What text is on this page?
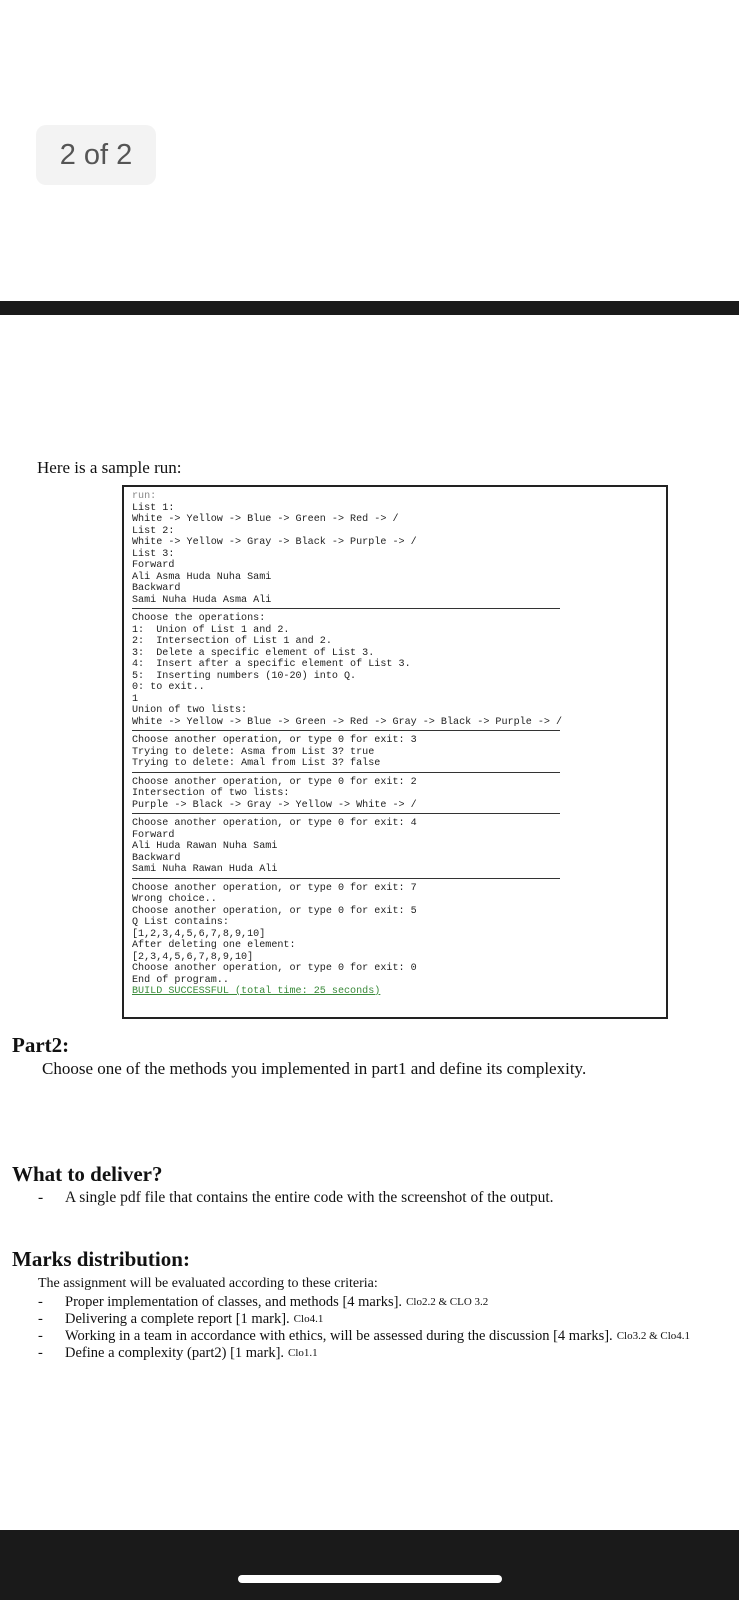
2 of 2
Here is a sample run:
run:
List 1:
White -> Yellow -> Blue -> Green -> Red -> /
List 2:
White -> Yellow -> Gray -> Black -> Purple -> /
List 3:
Forward
Ali Asma Huda Nuha Sami
Backward
Sami Nuha Huda Asma Ali
Choose the operations:
1:  Union of List 1 and 2.
2:  Intersection of List 1 and 2.
3:  Delete a specific element of List 3.
4:  Insert after a specific element of List 3.
5:  Inserting numbers (10-20) into Q.
0: to exit..
1
Union of two lists:
White -> Yellow -> Blue -> Green -> Red -> Gray -> Black -> Purple -> /
Choose another operation, or type 0 for exit: 3
Trying to delete: Asma from List 3? true
Trying to delete: Amal from List 3? false
Choose another operation, or type 0 for exit: 2
Intersection of two lists:
Purple -> Black -> Gray -> Yellow -> White -> /
Choose another operation, or type 0 for exit: 4
Forward
Ali Huda Rawan Nuha Sami
Backward
Sami Nuha Rawan Huda Ali
Choose another operation, or type 0 for exit: 7
Wrong choice..
Choose another operation, or type 0 for exit: 5
Q List contains:
[1,2,3,4,5,6,7,8,9,10]
After deleting one element:
[2,3,4,5,6,7,8,9,10]
Choose another operation, or type 0 for exit: 0
End of program..
BUILD SUCCESSFUL (total time: 25 seconds)
Part2:
Choose one of the methods you implemented in part1 and define its complexity.
What to deliver?
-	A single pdf file that contains the entire code with the screenshot of the output.
Marks distribution:
The assignment will be evaluated according to these criteria:
-	Proper implementation of classes, and methods [4 marks]. Clo2.2 & CLO 3.2
-	Delivering a complete report [1 mark]. Clo4.1
-	Working in a team in accordance with ethics, will be assessed during the discussion [4 marks]. Clo3.2 & Clo4.1
-	Define a complexity (part2) [1 mark]. Clo1.1
